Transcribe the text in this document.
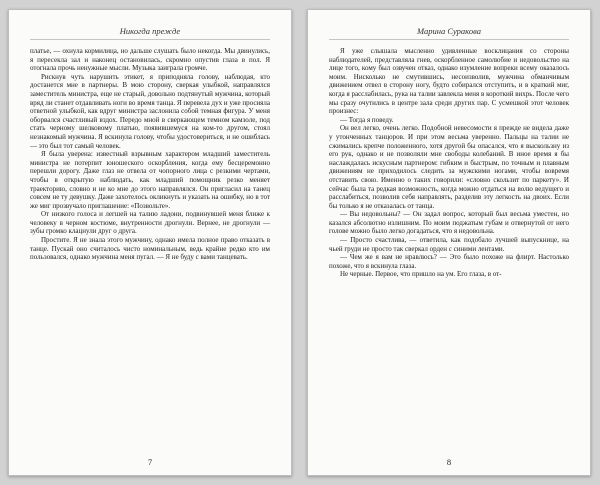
Никогда прежде

платье, — охнула кормилица, но дальше слушать было некогда. Мы двинулись, я пересекла зал и наконец остановилась, скромно опустив глаза в пол. Я отогнала прочь ненужные мысли. Музыка заиграла громче.

Рискнув чуть нарушить этикет, я приподняла голову, наблюдая, кто достанется мне в партнеры. В мою сторону, сверкая улыбкой, направлялся заместитель министра, еще не старый, довольно подтянутый мужчина, который вряд ли станет отдавливать ноги во время танца. Я перевела дух и уже просияла ответной улыбкой, как вдруг министра заслонила собой темная фигура. У меня оборвался счастливый вздох. Передо мной в сверкающем темном камзоле, под стать черному шелковому платью, появившемуся на ком-то другом, стоял незнакомый мужчина. Я вскинула голову, чтобы удостовериться, и не ошиблась — это был тот самый человек.

Я была уверена: известный взрывным характером младший заместитель министра не потерпит юношеского оскорбления, когда ему бесцеремонно перешли дорогу. Даже глаз не отвела от чопорного лица с резкими чертами, чтобы в открытую наблюдать, как младший помощник резко меняет траекторию, словно и не ко мне до этого направлялся. Он пригласил на танец совсем не ту девушку. Даже захотелось окликнуть и указать на ошибку, но в тот же миг прозвучало приглашение: «Позвольте».

От низкого голоса и легшей на талию ладони, подвинувшей меня ближе к человеку в черном костюме, внутренности дрогнули. Вернее, не дрогнули — зубы громко клацнули друг о друга.

Простите. Я не знала этого мужчину, однако имела полное право отказать в танце. Пускай оно считалось чисто номинальным, ведь крайне редко кто им пользовался, однако мужчина меня пугал. — Я не буду с вами танцевать.

7
Марина Суракова

Я уже слышала мысленно удивленные восклицания со стороны наблюдателей, представляла гнев, оскорбленное самолюбие и недовольство на лице того, кому был озвучен отказ, однако изумление вопреки всему оказалось моим. Нисколько не смутившись, несоизволив, мужчина обманчивым движением отвел в сторону ногу, будто собирался отступить, и в краткий миг, когда я расслабилась, рука на талии завлекла меня в короткий вихрь. После чего мы сразу очутились в центре зала среди других пар. С усмешкой этот человек произнес:

— Тогда я поведу.

Он вел легко, очень легко. Подобной невесомости я прежде не видела даже у утонченных танцоров. И при этом весьма уверенно. Пальцы на талии не сжимались крепче положенного, хотя другой бы опасался, что я выскользну из его рук, однако и не позволяли мне свободы колебаний. В иное время я бы наслаждалась искусным партнером: гибким и быстрым, по точным и плавным движениям не приходилось следить за мужскими ногами, чтобы вовремя отставить свою. Именно о таких говорили: «словно скользит по паркету». И сейчас была та редкая возможность, когда можно отдаться на волю ведущего и расслабиться, позволив себя направлять, разделив эту легкость на двоих. Если бы только я не отказалась от танца.

— Вы недовольны? — Он задал вопрос, который был весьма уместен, но казался абсолютно излишним. По моим поджатым губам и отвернутой от него голове можно было легко догадаться, что я недовольна.

— Просто счастлива, — ответила, как подобало лучшей выпускнице, на чьей груди не просто так сверкал орден с синими лентами.

— Чем же я вам не нравлюсь? — Это было похоже на флирт. Настолько похоже, что я вскинула глаза.

Не черные. Первое, что пришло на ум. Его глаза, в от-

8
